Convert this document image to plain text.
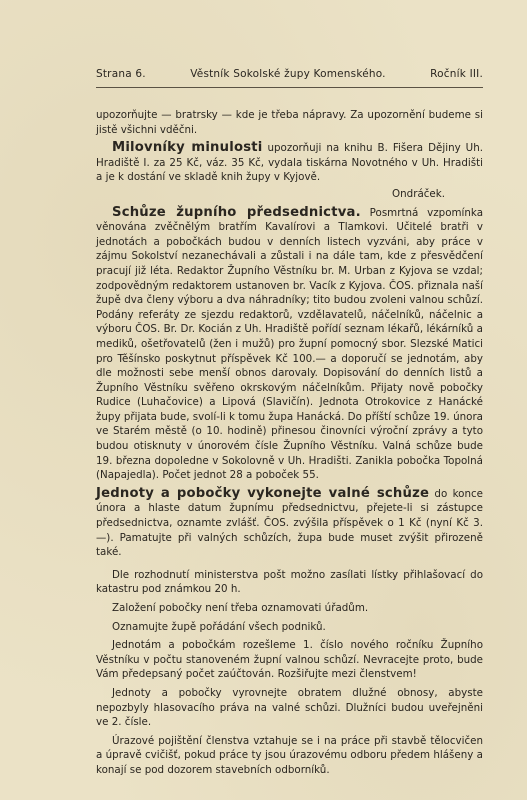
Strana 6.	Věstník Sokolské župy Komenského.	Ročník III.

upozorňujte — bratrsky — kde je třeba nápravy. Za upozornění budeme si jistě všichni vděčni.

Milovníky minulosti upozorňuji na knihu B. Fišera Dějiny Uh. Hradiště I. za 25 Kč, váz. 35 Kč, vydala tiskárna Novotného v Uh. Hradišti a je k dostání ve skladě knih župy v Kyjově.

Ondráček.

Schůze župního předsednictva. Posmrtná vzpomínka věnována zvěčnělým bratřím Kavalírovi a Tlamkovi. Učitelé bratři v jednotách a pobočkách budou v denních listech vyzváni, aby práce v zájmu Sokolství nezanechávali a zůstali i na dále tam, kde z přesvědčení pracují již léta. Redaktor Župního Věstníku br. M. Urban z Kyjova se vzdal; zodpovědným redaktorem ustanoven br. Vacík z Kyjova. ČOS. přiznala naší župě dva členy výboru a dva náhradníky; tito budou zvoleni valnou schůzí. Podány referáty ze sjezdu redaktorů, vzdělavatelů, náčelníků, náčelnic a výboru ČOS. Br. Dr. Kocián z Uh. Hradiště pořídí seznam lékařů, lékárníků a mediků, ošetřovatelů (žen i mužů) pro župní pomocný sbor. Slezské Matici pro Těšínsko poskytnut příspěvek Kč 100.— a doporučí se jednotám, aby dle možnosti sebe menší obnos darovaly. Dopisování do denních listů a Župního Věstníku svěřeno okrskovým náčelníkům. Přijaty nově pobočky Rudice (Luhačovice) a Lipová (Slavičín). Jednota Otrokovice z Hanácké župy přijata bude, svolí-li k tomu župa Hanácká. Do příští schůze 19. února ve Starém městě (o 10. hodině) přinesou činovníci výroční zprávy a tyto budou otisknuty v únorovém čísle Župního Věstníku. Valná schůze bude 19. března dopoledne v Sokolovně v Uh. Hradišti. Zanikla pobočka Topolná (Napajedla). Počet jednot 28 a poboček 55.

Jednoty a pobočky vykonejte valné schůze do konce února a hlaste datum župnímu předsednictvu, přejete-li si zástupce předsednictva, oznamte zvlášť. ČOS. zvýšila příspěvek o 1 Kč (nyní Kč 3.—). Pamatujte při valných schůzích, župa bude muset zvýšit přirozeně také.

Dle rozhodnutí ministerstva pošt možno zasílati lístky přihlašovací do katastru pod známkou 20 h.

Založení pobočky není třeba oznamovati úřadům.

Oznamujte župě pořádání všech podniků.

Jednotám a pobočkám rozešleme 1. číslo nového ročníku Župního Věstníku v počtu stanoveném župní valnou schůzí. Nevracejte proto, bude Vám předepsaný počet zaúčtován. Rozšiřujte mezi členstvem!

Jednoty a pobočky vyrovnejte obratem dlužné obnosy, abyste nepozbyly hlasovacího práva na valné schůzi. Dlužníci budou uveřejněni ve 2. čísle.

Úrazové pojištění členstva vztahuje se i na práce při stavbě tělocvičen a úpravě cvičišť, pokud práce ty jsou úrazovému odboru předem hlášeny a konají se pod dozorem stavebních odborníků.
